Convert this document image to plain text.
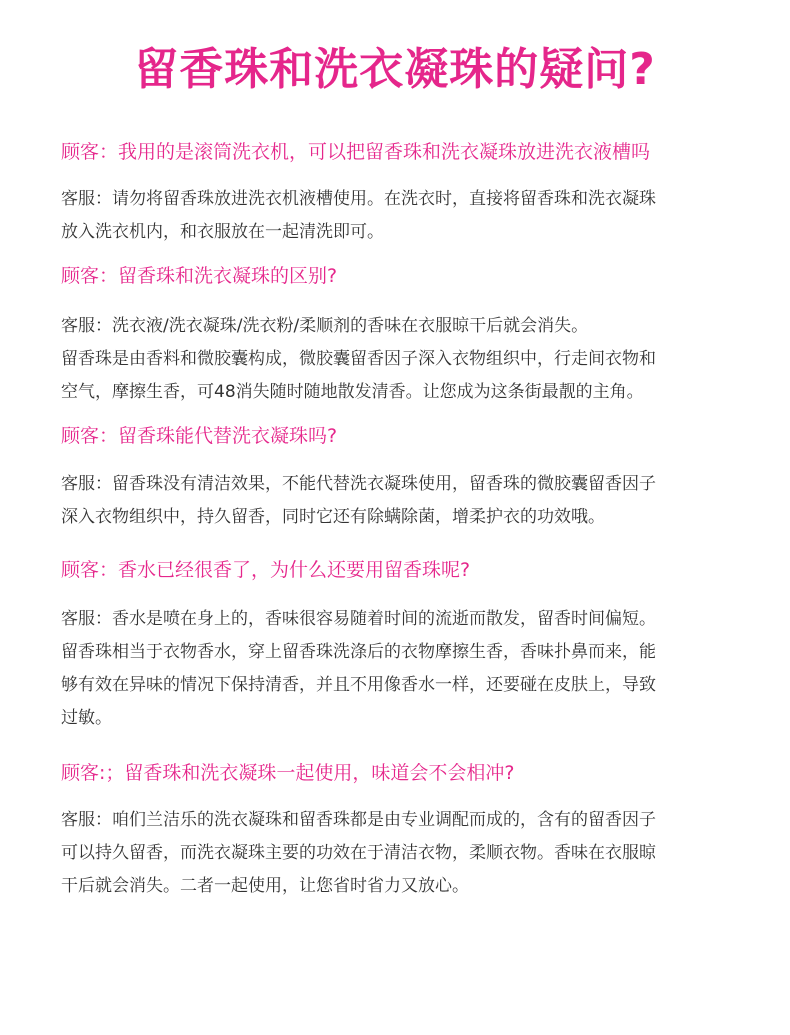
留香珠和洗衣凝珠的疑问?
顾客：我用的是滚筒洗衣机，可以把留香珠和洗衣凝珠放进洗衣液槽吗

客服：请勿将留香珠放进洗衣机液槽使用。在洗衣时，直接将留香珠和洗衣凝珠

放入洗衣机内，和衣服放在一起清洗即可。

顾客：留香珠和洗衣凝珠的区别?

客服：洗衣液/洗衣凝珠/洗衣粉/柔顺剂的香味在衣服晾干后就会消失。

留香珠是由香料和微胶囊构成，微胶囊留香因子深入衣物组织中，行走间衣物和

空气，摩擦生香，可48消失随时随地散发清香。让您成为这条街最靓的主角。

顾客：留香珠能代替洗衣凝珠吗?

客服：留香珠没有清洁效果，不能代替洗衣凝珠使用，留香珠的微胶囊留香因子

深入衣物组织中，持久留香，同时它还有除螨除菌，增柔护衣的功效哦。

顾客：香水已经很香了，为什么还要用留香珠呢?

客服：香水是喷在身上的，香味很容易随着时间的流逝而散发，留香时间偏短。

留香珠相当于衣物香水，穿上留香珠洗涤后的衣物摩擦生香，香味扑鼻而来，能

够有效在异味的情况下保持清香，并且不用像香水一样，还要碰在皮肤上，导致

过敏。

顾客:；留香珠和洗衣凝珠一起使用，味道会不会相冲?

客服：咱们兰洁乐的洗衣凝珠和留香珠都是由专业调配而成的，含有的留香因子

可以持久留香，而洗衣凝珠主要的功效在于清洁衣物，柔顺衣物。香味在衣服晾

干后就会消失。二者一起使用，让您省时省力又放心。
